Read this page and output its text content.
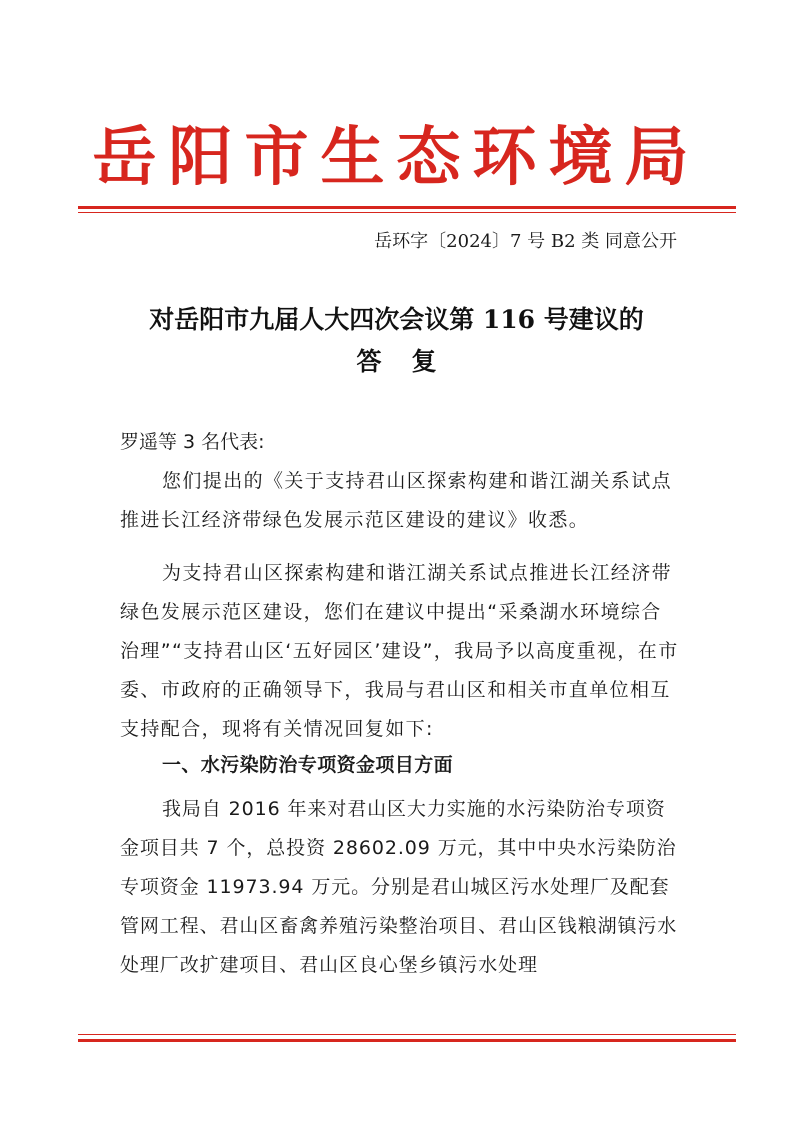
岳阳市生态环境局
岳环字〔2024〕7 号 B2 类 同意公开
对岳阳市九届人大四次会议第 116 号建议的
答复
罗遥等 3 名代表:
您们提出的《关于支持君山区探索构建和谐江湖关系试点推进长江经济带绿色发展示范区建设的建议》收悉。
为支持君山区探索构建和谐江湖关系试点推进长江经济带绿色发展示范区建设，您们在建议中提出“采桑湖水环境综合治理”“支持君山区‘五好园区’建设”，我局予以高度重视，在市委、市政府的正确领导下，我局与君山区和相关市直单位相互支持配合，现将有关情况回复如下:
一、水污染防治专项资金项目方面
我局自 2016 年来对君山区大力实施的水污染防治专项资金项目共 7 个，总投资 28602.09 万元，其中中央水污染防治专项资金 11973.94 万元。分别是君山城区污水处理厂及配套管网工程、君山区畜禽养殖污染整治项目、君山区钱粮湖镇污水处理厂改扩建项目、君山区良心堡乡镇污水处理
